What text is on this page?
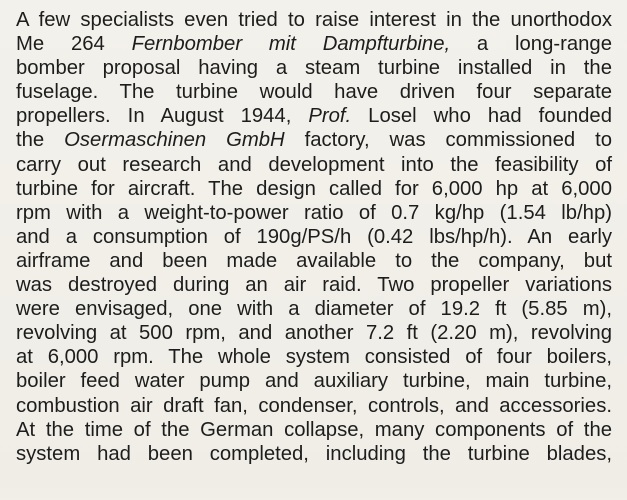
A few specialists even tried to raise interest in the unorthodox
Me 264 Fernbomber mit Dampfturbine, a long-range
bomber proposal having a steam turbine installed in the
fuselage. The turbine would have driven four separate
propellers. In August 1944, Prof. Losel who had founded
the Osermaschinen GmbH factory, was commissioned to
carry out research and development into the feasibility of
turbine for aircraft. The design called for 6,000 hp at 6,000
rpm with a weight-to-power ratio of 0.7 kg/hp (1.54 lb/hp)
and a consumption of 190g/PS/h (0.42 lbs/hp/h). An early
airframe and been made available to the company, but
was destroyed during an air raid. Two propeller variations
were envisaged, one with a diameter of 19.2 ft (5.85 m),
revolving at 500 rpm, and another 7.2 ft (2.20 m), revolving
at 6,000 rpm. The whole system consisted of four boilers,
boiler feed water pump and auxiliary turbine, main turbine,
combustion air draft fan, condenser, controls, and accessories.
At the time of the German collapse, many components of the
system had been completed, including the turbine blades,
